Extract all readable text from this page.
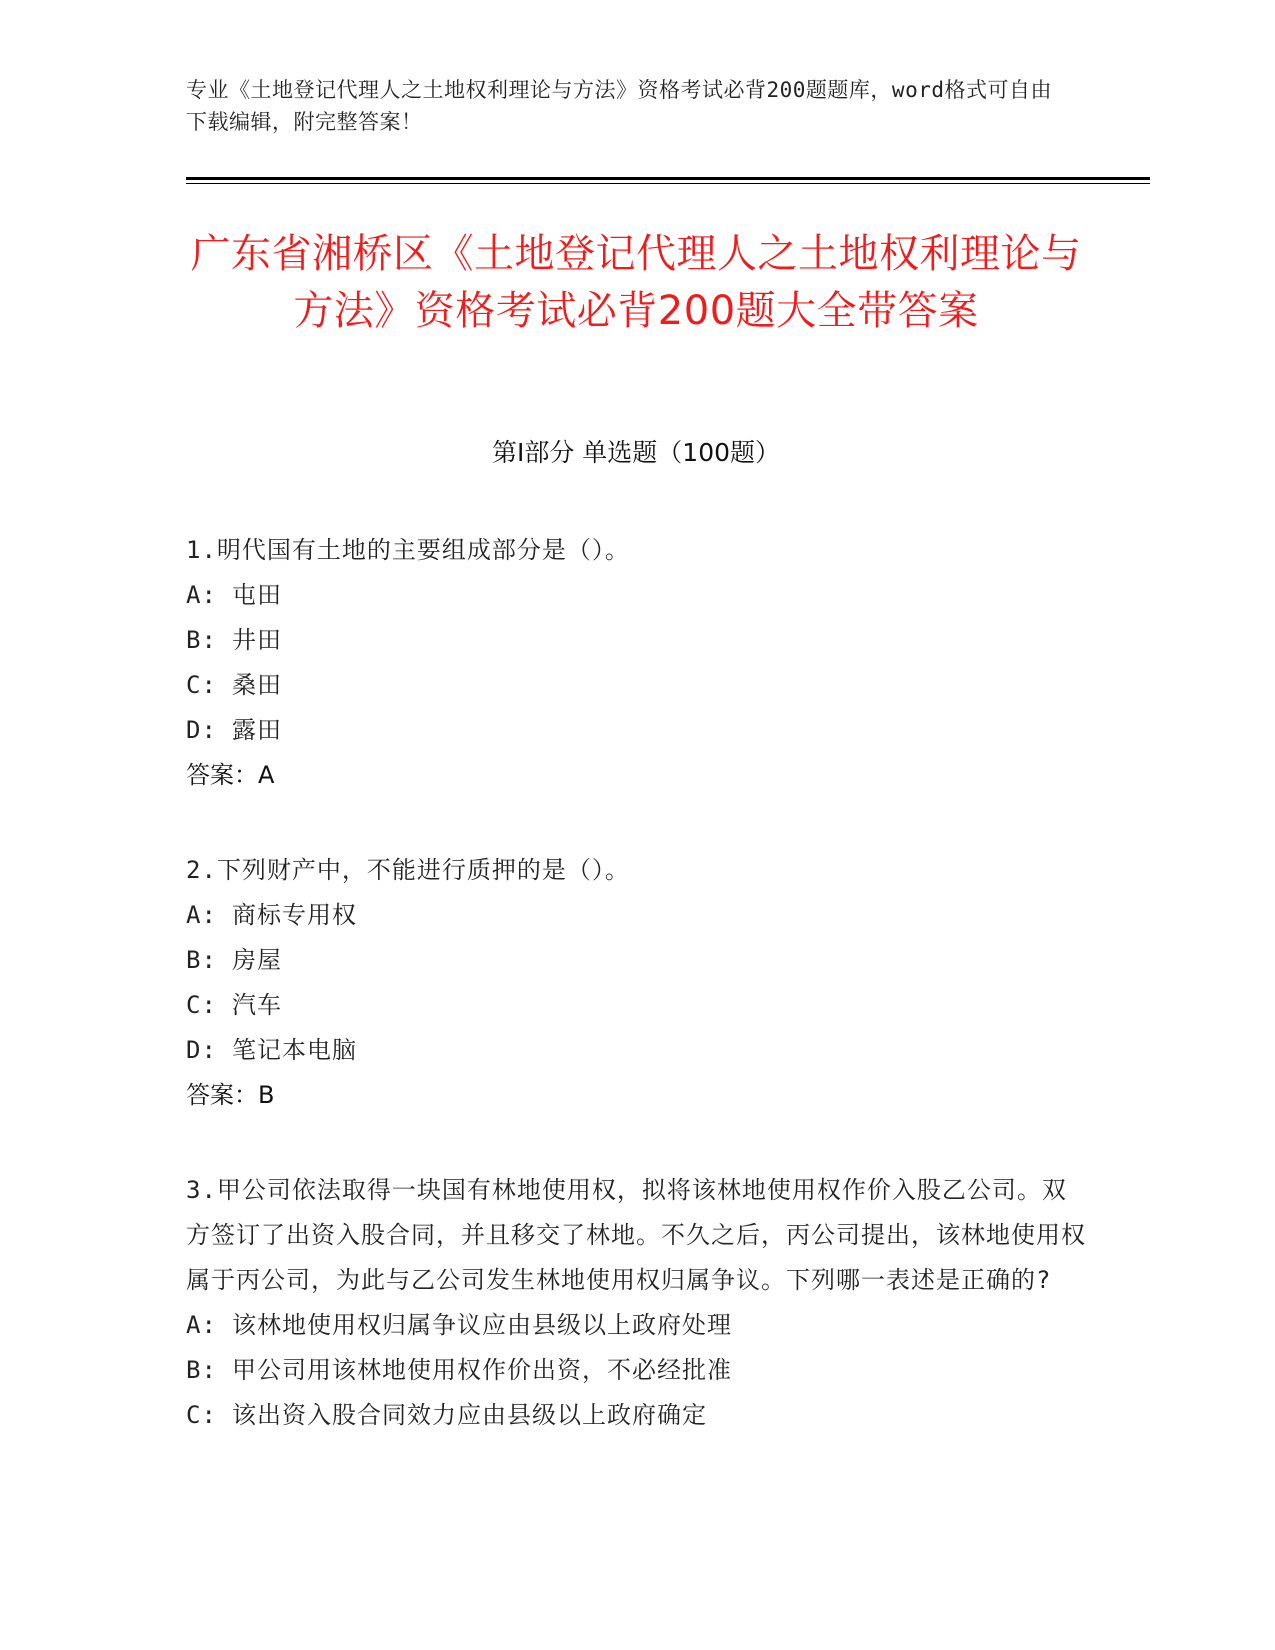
专业《土地登记代理人之土地权利理论与方法》资格考试必背200题题库，word格式可自由下载编辑，附完整答案！
广东省湘桥区《土地登记代理人之土地权利理论与方法》资格考试必背200题大全带答案
第Ⅰ部分 单选题（100题）

1.明代国有土地的主要组成部分是（）。

A: 屯田

B: 井田

C: 桑田

D: 露田

答案：A

2.下列财产中，不能进行质押的是（）。

A: 商标专用权

B: 房屋

C: 汽车

D: 笔记本电脑

答案：B

3.甲公司依法取得一块国有林地使用权，拟将该林地使用权作价入股乙公司。双方签订了出资入股合同，并且移交了林地。不久之后，丙公司提出，该林地使用权属于丙公司，为此与乙公司发生林地使用权归属争议。下列哪一表述是正确的?

A: 该林地使用权归属争议应由县级以上政府处理

B: 甲公司用该林地使用权作价出资，不必经批准

C: 该出资入股合同效力应由县级以上政府确定
